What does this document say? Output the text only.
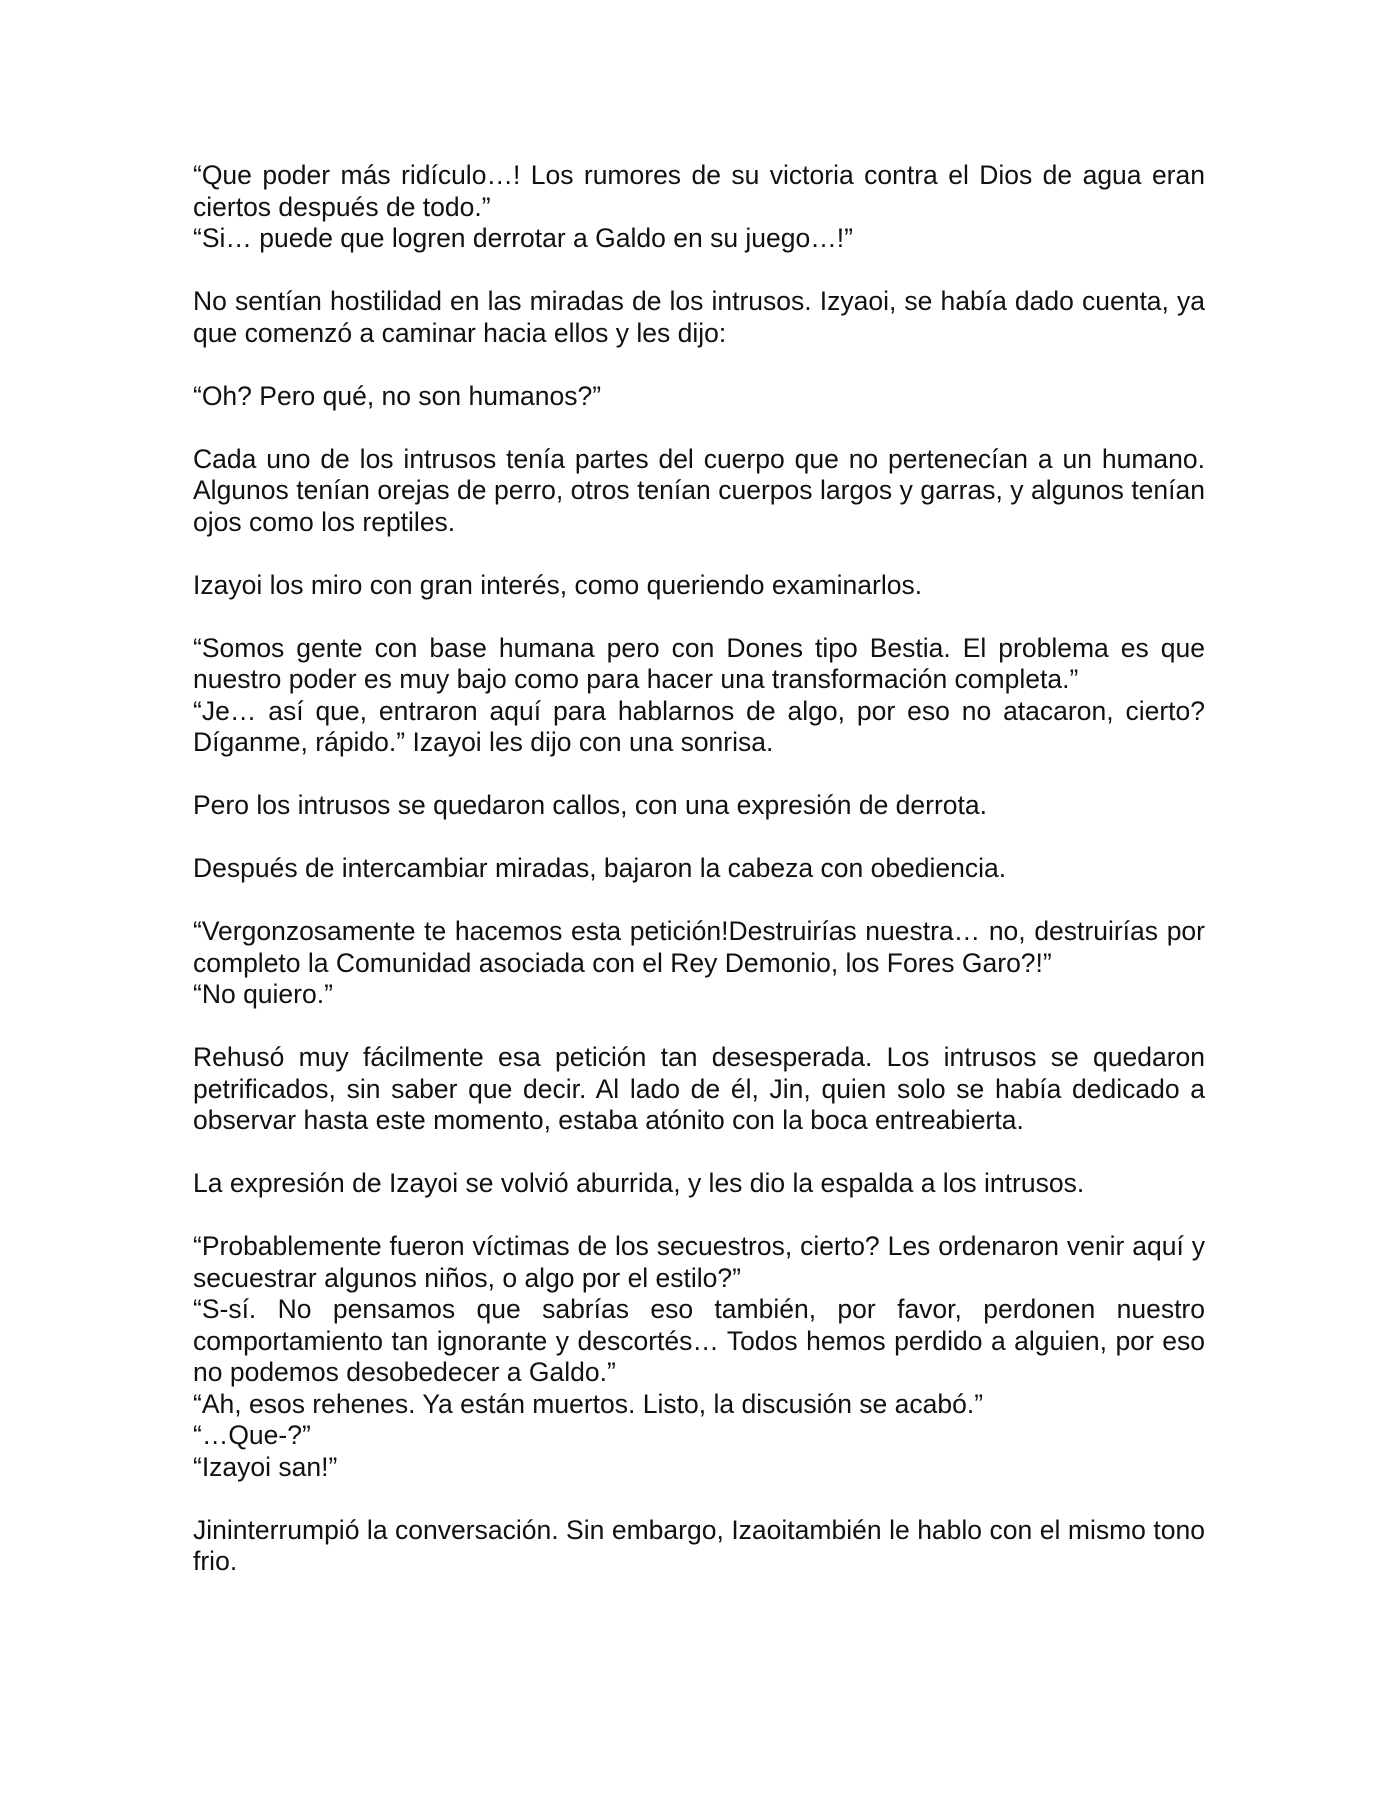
“Que poder más ridículo…! Los rumores de su victoria contra el Dios de agua eran ciertos después de todo.”
“Si… puede que logren derrotar a Galdo en su juego…!”
No sentían hostilidad en las miradas de los intrusos. Izyaoi, se había dado cuenta, ya que comenzó a caminar hacia ellos y les dijo:
“Oh? Pero qué, no son humanos?”
Cada uno de los intrusos tenía partes del cuerpo que no pertenecían a un humano. Algunos tenían orejas de perro, otros tenían cuerpos largos y garras, y algunos tenían ojos como los reptiles.
Izayoi los miro con gran interés, como queriendo examinarlos.
“Somos gente con base humana pero con Dones tipo Bestia. El problema es que nuestro poder es muy bajo como para hacer una transformación completa.”
“Je… así que, entraron aquí para hablarnos de algo, por eso no atacaron, cierto?Díganme, rápido.” Izayoi les dijo con una sonrisa.
Pero los intrusos se quedaron callos, con una expresión de derrota.
Después de intercambiar miradas, bajaron la cabeza con obediencia.
“Vergonzosamente te hacemos esta petición!Destruirías nuestra… no, destruirías por completo la Comunidad asociada con el Rey Demonio, los Fores Garo?!”
“No quiero.”
Rehusó muy fácilmente esa petición tan desesperada. Los intrusos se quedaron petrificados, sin saber que decir. Al lado de él, Jin, quien solo se había dedicado a observar hasta este momento, estaba atónito con la boca entreabierta.
La expresión de Izayoi se volvió aburrida, y les dio la espalda a los intrusos.
“Probablemente fueron víctimas de los secuestros, cierto? Les ordenaron venir aquí y secuestrar algunos niños, o algo por el estilo?”
“S-sí. No pensamos que sabrías eso también, por favor, perdonen nuestro comportamiento tan ignorante y descortés… Todos hemos perdido a alguien, por eso no podemos desobedecer a Galdo.”
“Ah, esos rehenes. Ya están muertos. Listo, la discusión se acabó.”
“…Que-?”
“Izayoi san!”
Jininterrumpió la conversación. Sin embargo, Izaoitambién le hablo con el mismo tono frio.
